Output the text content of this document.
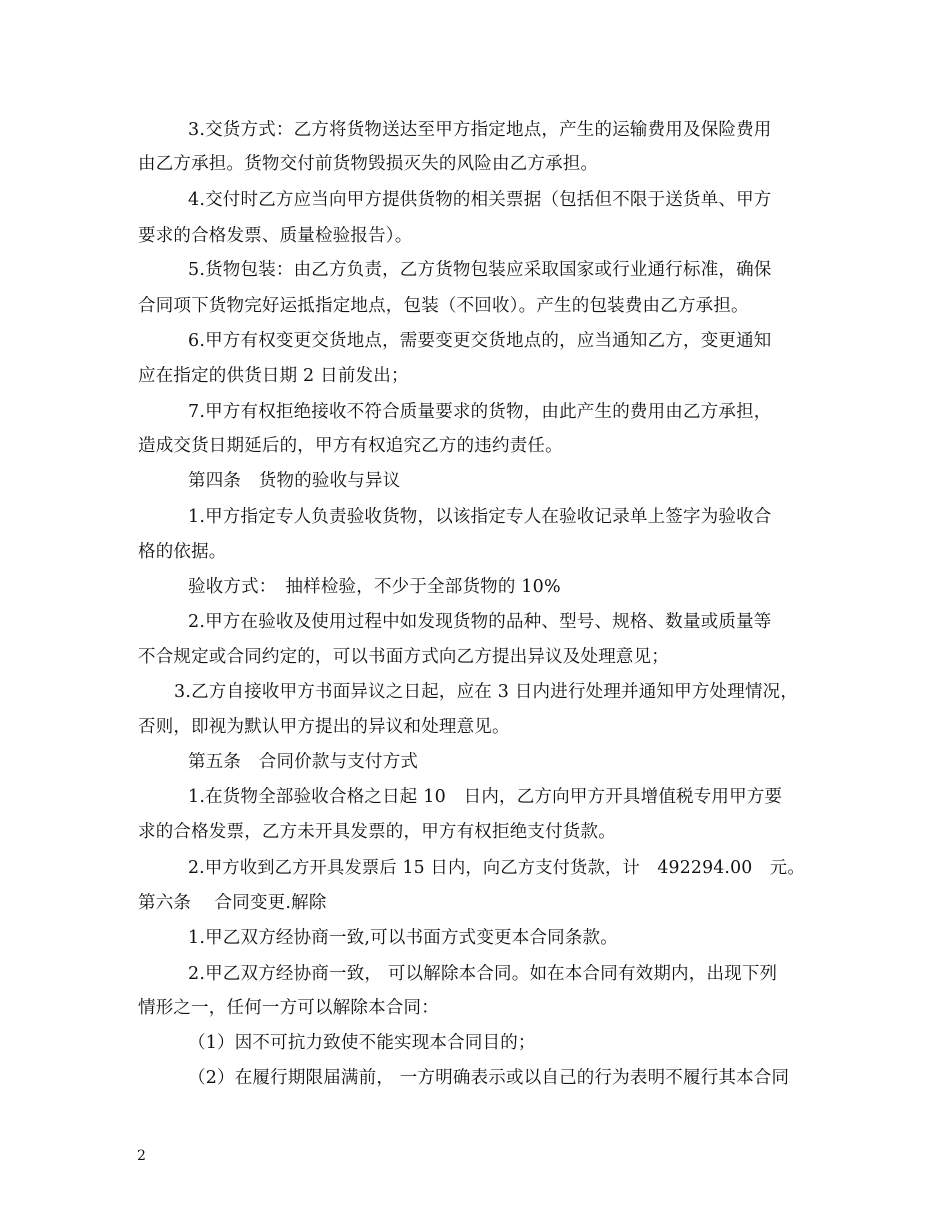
3.交货方式：乙方将货物送达至甲方指定地点，产生的运输费用及保险费用
由乙方承担。货物交付前货物毁损灭失的风险由乙方承担。
4.交付时乙方应当向甲方提供货物的相关票据（包括但不限于送货单、甲方
要求的合格发票、质量检验报告）。
5.货物包装：由乙方负责，乙方货物包装应采取国家或行业通行标准，确保
合同项下货物完好运抵指定地点，包装（不回收）。产生的包装费由乙方承担。
6.甲方有权变更交货地点，需要变更交货地点的，应当通知乙方，变更通知
应在指定的供货日期 2 日前发出；
7.甲方有权拒绝接收不符合质量要求的货物，由此产生的费用由乙方承担，
造成交货日期延后的，甲方有权追究乙方的违约责任。
第四条　货物的验收与异议
1.甲方指定专人负责验收货物，以该指定专人在验收记录单上签字为验收合
格的依据。
验收方式：　抽样检验，不少于全部货物的 10%
2.甲方在验收及使用过程中如发现货物的品种、型号、规格、数量或质量等
不合规定或合同约定的，可以书面方式向乙方提出异议及处理意见；
3.乙方自接收甲方书面异议之日起，应在 3 日内进行处理并通知甲方处理情况，
否则，即视为默认甲方提出的异议和处理意见。
第五条　合同价款与支付方式
1.在货物全部验收合格之日起 10　日内，乙方向甲方开具增值税专用甲方要
求的合格发票，乙方未开具发票的，甲方有权拒绝支付货款。
2.甲方收到乙方开具发票后 15 日内，向乙方支付货款，计　492294.00　元。
第六条　 合同变更.解除
1.甲乙双方经协商一致,可以书面方式变更本合同条款。
2.甲乙双方经协商一致， 可以解除本合同。如在本合同有效期内，出现下列
情形之一，任何一方可以解除本合同：
（1）因不可抗力致使不能实现本合同目的；
（2）在履行期限届满前， 一方明确表示或以自己的行为表明不履行其本合同
2
